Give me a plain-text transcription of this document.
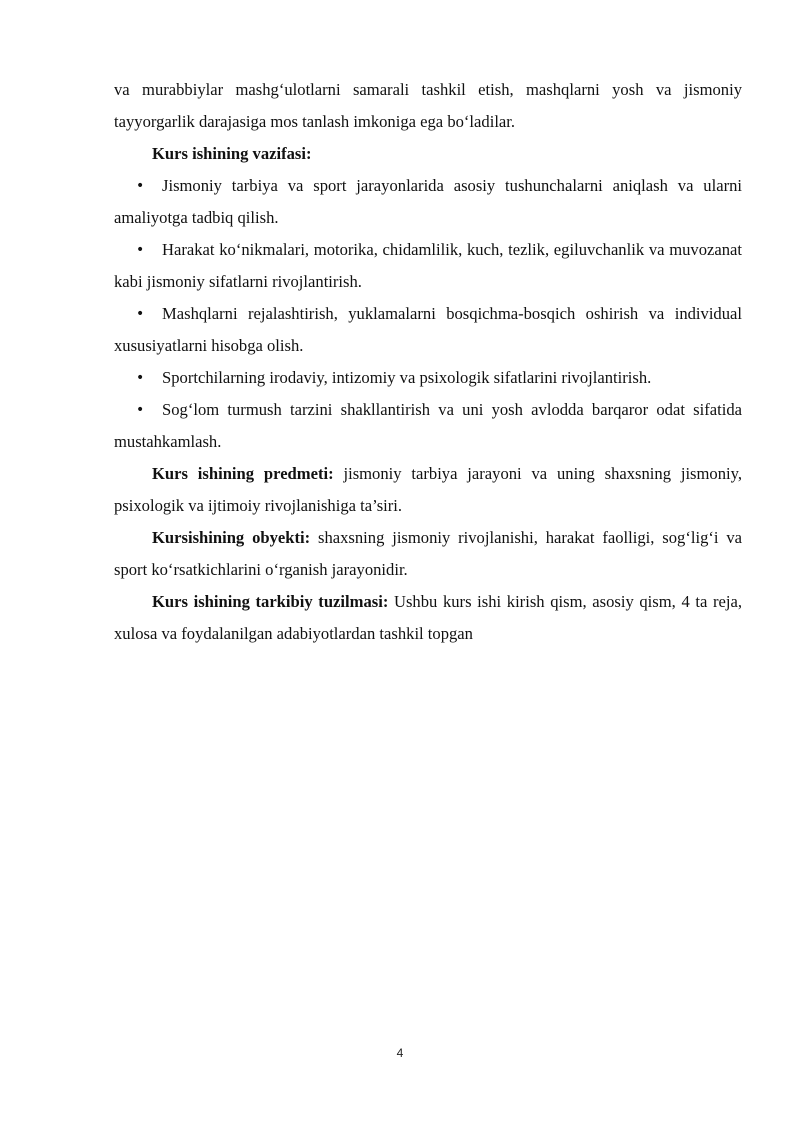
va murabbiylar mashg‘ulotlarni samarali tashkil etish, mashqlarni yosh va jismoniy tayyorgarlik darajasiga mos tanlash imkoniga ega bo‘ladilar.

Kurs ishining vazifasi:

• Jismoniy tarbiya va sport jarayonlarida asosiy tushunchalarni aniqlash va ularni amaliyotga tadbiq qilish.

• Harakat ko‘nikmalari, motorika, chidamlilik, kuch, tezlik, egiluvchanlik va muvozanat kabi jismoniy sifatlarni rivojlantirish.

• Mashqlarni rejalashtirish, yuklamalarni bosqichma-bosqich oshirish va individual xususiyatlarni hisobga olish.

• Sportchilarning irodaviy, intizomiy va psixologik sifatlarini rivojlantirish.

• Sog‘lom turmush tarzini shakllantirish va uni yosh avlodda barqaror odat sifatida mustahkamlash.

Kurs ishining predmeti: jismoniy tarbiya jarayoni va uning shaxsning jismoniy, psixologik va ijtimoiy rivojlanishiga ta’siri.

Kursishining obyekti: shaxsning jismoniy rivojlanishi, harakat faolligi, sog‘lig‘i va sport ko‘rsatkichlarini o‘rganish jarayonidir.

Kurs ishining tarkibiy tuzilmasi: Ushbu kurs ishi kirish qism, asosiy qism, 4 ta reja, xulosa va foydalanilgan adabiyotlardan tashkil topgan

4
